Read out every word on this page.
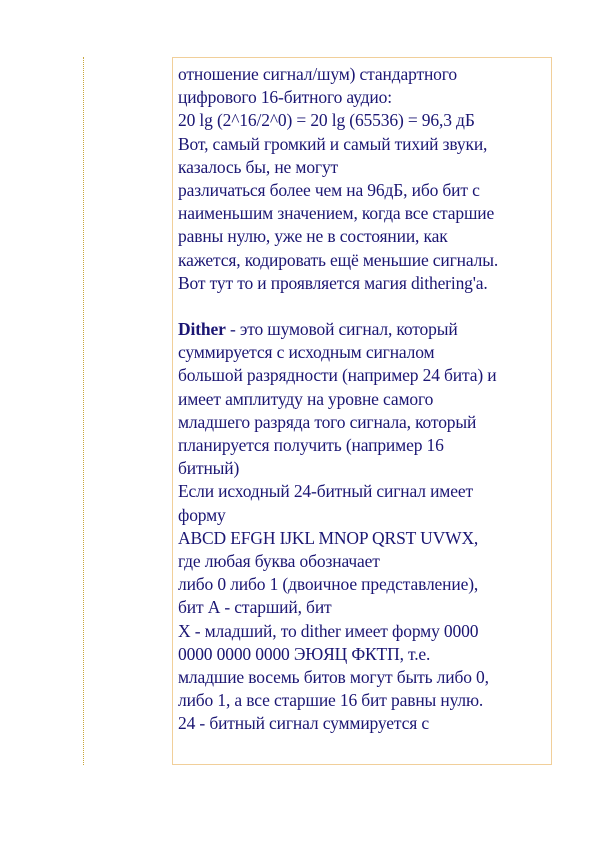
отношение сигнал/шум) стандартного
цифрового 16-битного аудио:
20 lg (2^16/2^0) = 20 lg (65536) = 96,3 дБ
Вот, самый громкий и самый тихий звуки,
казалось бы, не могут
различаться более чем на 96дБ, ибо бит с
наименьшим значением, когда все старшие
равны нулю, уже не в состоянии, как
кажется, кодировать ещё меньшие сигналы.
Вот тут то и проявляется магия dithering'a.
Dither - это шумовой сигнал, который
суммируется с исходным сигналом
большой разрядности (например 24 бита) и
имеет амплитуду на уровне самого
младшего разряда того сигнала, который
планируется получить (например 16
битный)
Если исходный 24-битный сигнал имеет
форму
ABCD EFGH IJKL MNOP QRST UVWX,
где любая буква обозначает
либо 0 либо 1 (двоичное представление),
бит А - старший, бит
Х - младший, то dither имеет форму 0000
0000 0000 0000 ЭЮЯЦ ФКТП, т.е.
младшие восемь битов могут быть либо 0,
либо 1, а все старшие 16 бит равны нулю.
24 - битный сигнал суммируется с
